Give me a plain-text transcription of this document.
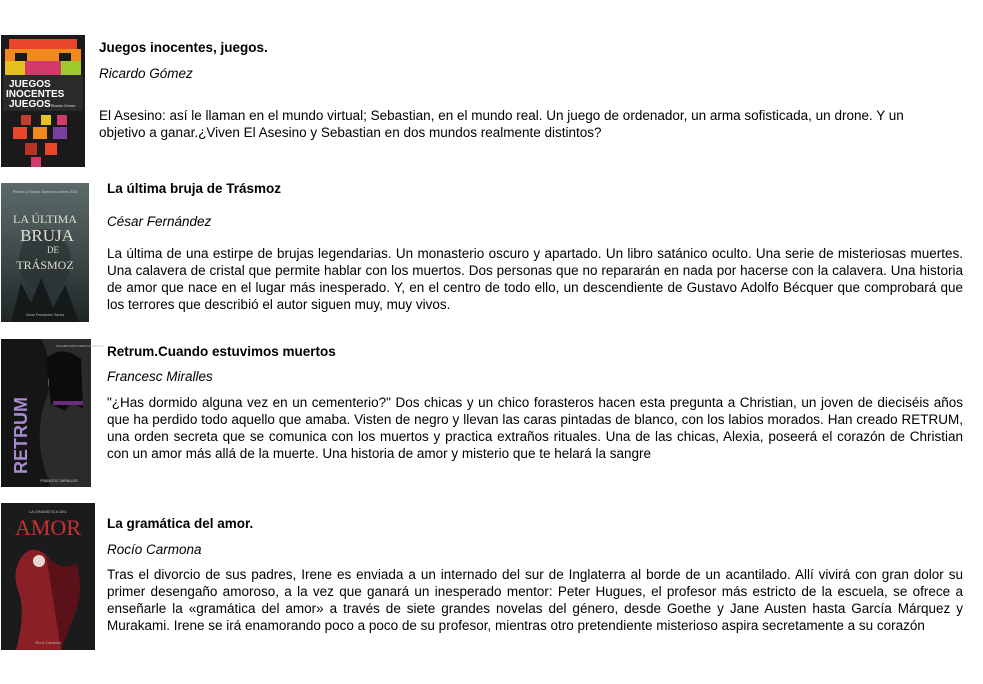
JUEGOS
INOCENTES
JUEGOS Ricardo Gómez

Juegos inocentes, juegos.

Ricardo Gómez

El Asesino: así le llaman en el mundo virtual; Sebastian, en el mundo real. Un juego de ordenador, un arma sofisticada, un drone. Y un objetivo a ganar.¿Viven El Asesino y Sebastian en dos mundos realmente distintos?

Premio La Galera Jóvenes Lectores 2014
LA ÚLTIMA
BRUJA
DE
TRÁSMOZ
César Fernández García

La última bruja de Trásmoz

César Fernández

La última de una estirpe de brujas legendarias. Un monasterio oscuro y apartado. Un libro satánico oculto. Una serie de misteriosas muertes. Una calavera de cristal que permite hablar con los muertos. Dos personas que no repararán en nada por hacerse con la calavera. Una historia de amor que nace en el lugar más inesperado. Y, en el centro de todo ello, un descendiente de Gustavo Adolfo Bécquer que comprobará que los terrores que describió el autor siguen muy, muy vivos.

CUANDO ESTUVIMOS MUERTOS
RETRUM
FRANCESC MIRALLES

Retrum.Cuando estuvimos muertos

Francesc Miralles

"¿Has dormido alguna vez en un cementerio?" Dos chicas y un chico forasteros hacen esta pregunta a Christian, un joven de dieciséis años que ha perdido todo aquello que amaba. Visten de negro y llevan las caras pintadas de blanco, con los labios morados. Han creado RETRUM, una orden secreta que se comunica con los muertos y practica extraños rituales. Una de las chicas, Alexia, poseerá el corazón de Christian con un amor más allá de la muerte. Una historia de amor y misterio que te helará la sangre

LA GRAMÁTICA DEL
AMOR
Rocío Carmona

La gramática del amor.

Rocío Carmona

Tras el divorcio de sus padres, Irene es enviada a un internado del sur de Inglaterra al borde de un acantilado. Allí vivirá con gran dolor su primer desengaño amoroso, a la vez que ganará un inesperado mentor: Peter Hugues, el profesor más estricto de la escuela, se ofrece a enseñarle la «gramática del amor» a través de siete grandes novelas del género, desde Goethe y Jane Austen hasta García Márquez y Murakami. Irene se irá enamorando poco a poco de su profesor, mientras otro pretendiente misterioso aspira secretamente a su corazón
